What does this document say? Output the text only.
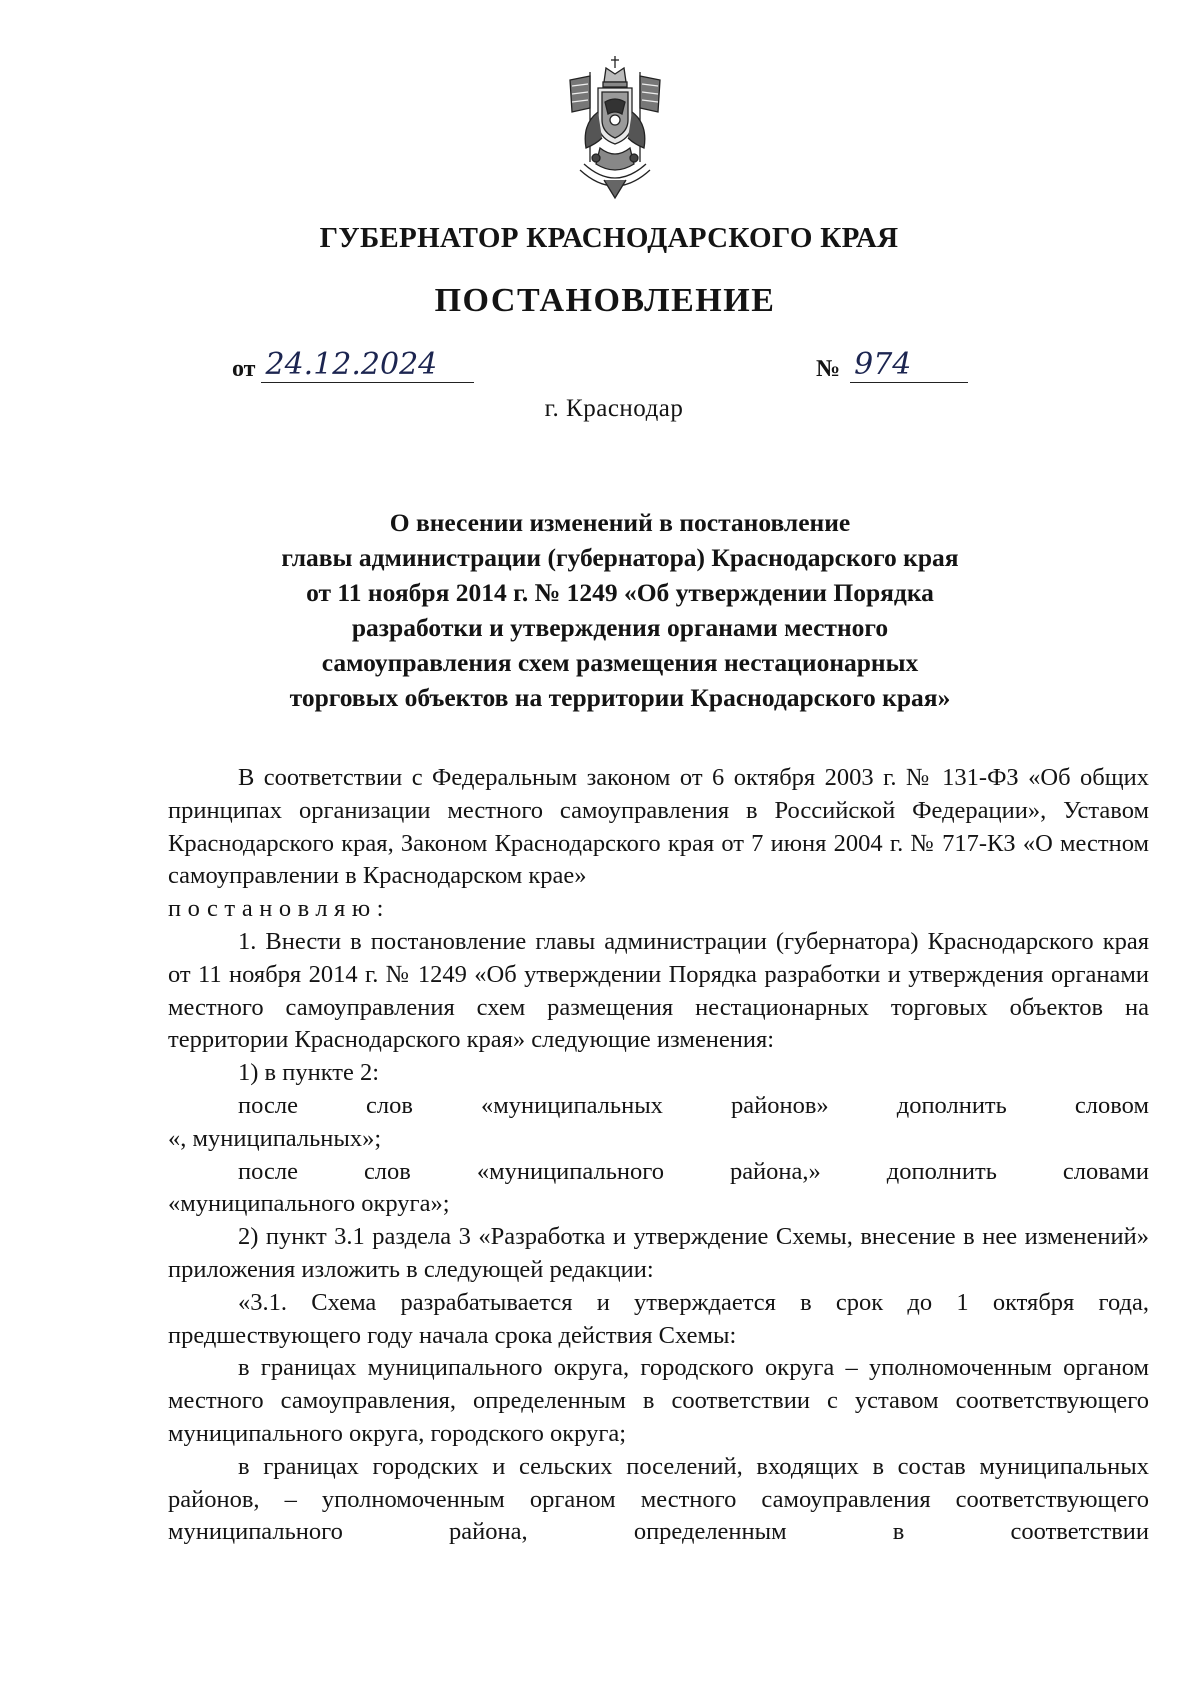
ГУБЕРНАТОР КРАСНОДАРСКОГО КРАЯ
ПОСТАНОВЛЕНИЕ
от 24.12.2024	№ 974
г. Краснодар
О внесении изменений в постановление
главы администрации (губернатора) Краснодарского края
от 11 ноября 2014 г. № 1249 «Об утверждении Порядка
разработки и утверждения органами местного
самоуправления схем размещения нестационарных
торговых объектов на территории Краснодарского края»

В соответствии с Федеральным законом от 6 октября 2003 г. № 131-ФЗ «Об общих принципах организации местного самоуправления в Российской Федерации», Уставом Краснодарского края, Законом Краснодарского края от 7 июня 2004 г. № 717-КЗ «О местном самоуправлении в Краснодарском крае»

постановляю:

1. Внести в постановление главы администрации (губернатора) Краснодарского края от 11 ноября 2014 г. № 1249 «Об утверждении Порядка разработки и утверждения органами местного самоуправления схем размещения нестационарных торговых объектов на территории Краснодарского края» следующие изменения:

1) в пункте 2:

после	слов	«муниципальных	районов»	дополнить	словом

«, муниципальных»;

после	слов	«муниципального	района,»	дополнить	словами

«муниципального округа»;

2) пункт 3.1 раздела 3 «Разработка и утверждение Схемы, внесение в нее изменений» приложения изложить в следующей редакции:

«3.1. Схема разрабатывается и утверждается в срок до 1 октября года, предшествующего году начала срока действия Схемы:

в границах муниципального округа, городского округа – уполномоченным органом местного самоуправления, определенным в соответствии с уставом соответствующего муниципального округа, городского округа;

в границах городских и сельских поселений, входящих в состав муниципальных районов, – уполномоченным органом местного самоуправления соответствующего муниципального района, определенным в соответствии
